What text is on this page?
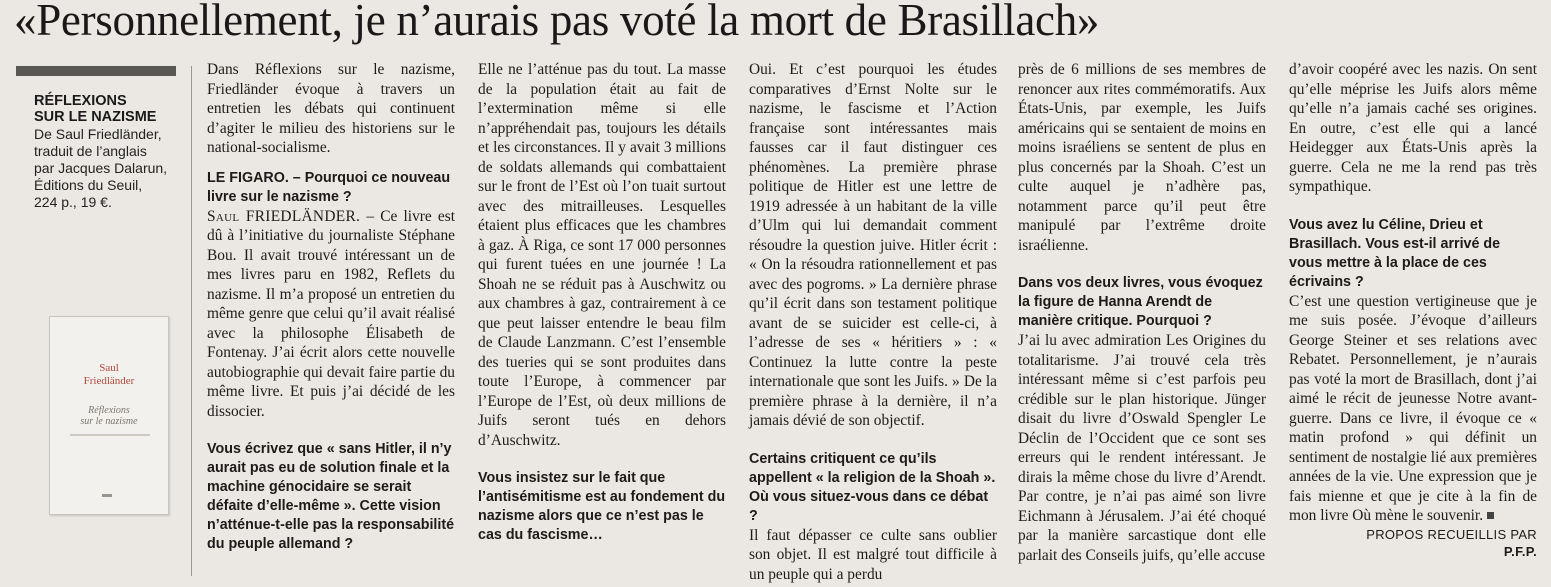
«Personnellement, je n’aurais pas voté la mort de Brasillach»
RÉFLEXIONS
SUR LE NAZISME
De Saul Friedländer,
traduit de l’anglais
par Jacques Dalarun,
Éditions du Seuil,
224 p., 19 €.
Saul
Friedländer
Réflexions
sur le nazisme

Dans Réflexions sur le nazisme, Friedländer évoque à travers un entretien les débats qui continuent d’agiter le milieu des historiens sur le national-socialisme.

LE FIGARO. – Pourquoi ce nouveau livre sur le nazisme ?

Saul FRIEDLÄNDER. – Ce livre est dû à l’initiative du journaliste Stéphane Bou. Il avait trouvé intéressant un de mes livres paru en 1982, Reflets du nazisme. Il m’a proposé un entretien du même genre que celui qu’il avait réalisé avec la philosophe Élisabeth de Fontenay. J’ai écrit alors cette nouvelle autobiographie qui devait faire partie du même livre. Et puis j’ai décidé de les dissocier.

Vous écrivez que « sans Hitler, il n’y aurait pas eu de solution finale et la machine génocidaire se serait défaite d’elle-même ». Cette vision n’atténue-t-elle pas la responsabilité du peuple allemand ?

Elle ne l’atténue pas du tout. La masse de la population était au fait de l’extermination même si elle n’appréhendait pas, toujours les détails et les circonstances. Il y avait 3 millions de soldats allemands qui combattaient sur le front de l’Est où l’on tuait surtout avec des mitrailleuses. Lesquelles étaient plus efficaces que les chambres à gaz. À Riga, ce sont 17 000 personnes qui furent tuées en une journée ! La Shoah ne se réduit pas à Auschwitz ou aux chambres à gaz, contrairement à ce que peut laisser entendre le beau film de Claude Lanzmann. C’est l’ensemble des tueries qui se sont produites dans toute l’Europe, à commencer par l’Europe de l’Est, où deux millions de Juifs seront tués en dehors d’Auschwitz.

Vous insistez sur le fait que l’antisémitisme est au fondement du nazisme alors que ce n’est pas le cas du fascisme…

Oui. Et c’est pourquoi les études comparatives d’Ernst Nolte sur le nazisme, le fascisme et l’Action française sont intéressantes mais fausses car il faut distinguer ces phénomènes. La première phrase politique de Hitler est une lettre de 1919 adressée à un habitant de la ville d’Ulm qui lui demandait comment résoudre la question juive. Hitler écrit : « On la résoudra rationnellement et pas avec des pogroms. » La dernière phrase qu’il écrit dans son testament politique avant de se suicider est celle-ci, à l’adresse de ses « héritiers » : « Continuez la lutte contre la peste internationale que sont les Juifs. » De la première phrase à la dernière, il n’a jamais dévié de son objectif.

Certains critiquent ce qu’ils appellent « la religion de la Shoah ». Où vous situez-vous dans ce débat ?

Il faut dépasser ce culte sans oublier son objet. Il est malgré tout difficile à un peuple qui a perdu

près de 6 millions de ses membres de renoncer aux rites commémoratifs. Aux États-Unis, par exemple, les Juifs américains qui se sentaient de moins en moins israéliens se sentent de plus en plus concernés par la Shoah. C’est un culte auquel je n’adhère pas, notamment parce qu’il peut être manipulé par l’extrême droite israélienne.

Dans vos deux livres, vous évoquez la figure de Hanna Arendt de manière critique. Pourquoi ?

J’ai lu avec admiration Les Origines du totalitarisme. J’ai trouvé cela très intéressant même si c’est parfois peu crédible sur le plan historique. Jünger disait du livre d’Oswald Spengler Le Déclin de l’Occident que ce sont ses erreurs qui le rendent intéressant. Je dirais la même chose du livre d’Arendt. Par contre, je n’ai pas aimé son livre Eichmann à Jérusalem. J’ai été choqué par la manière sarcastique dont elle parlait des Conseils juifs, qu’elle accuse

d’avoir coopéré avec les nazis. On sent qu’elle méprise les Juifs alors même qu’elle n’a jamais caché ses origines. En outre, c’est elle qui a lancé Heidegger aux États-Unis après la guerre. Cela ne me la rend pas très sympathique.

Vous avez lu Céline, Drieu et Brasillach. Vous est-il arrivé de vous mettre à la place de ces écrivains ?

C’est une question vertigineuse que je me suis posée. J’évoque d’ailleurs George Steiner et ses relations avec Rebatet. Personnellement, je n’aurais pas voté la mort de Brasillach, dont j’ai aimé le récit de jeunesse Notre avant-guerre. Dans ce livre, il évoque ce « matin profond » qui définit un sentiment de nostalgie lié aux premières années de la vie. Une expression que je fais mienne et que je cite à la fin de mon livre Où mène le souvenir.

PROPOS RECUEILLIS PAR
P.F.P.
